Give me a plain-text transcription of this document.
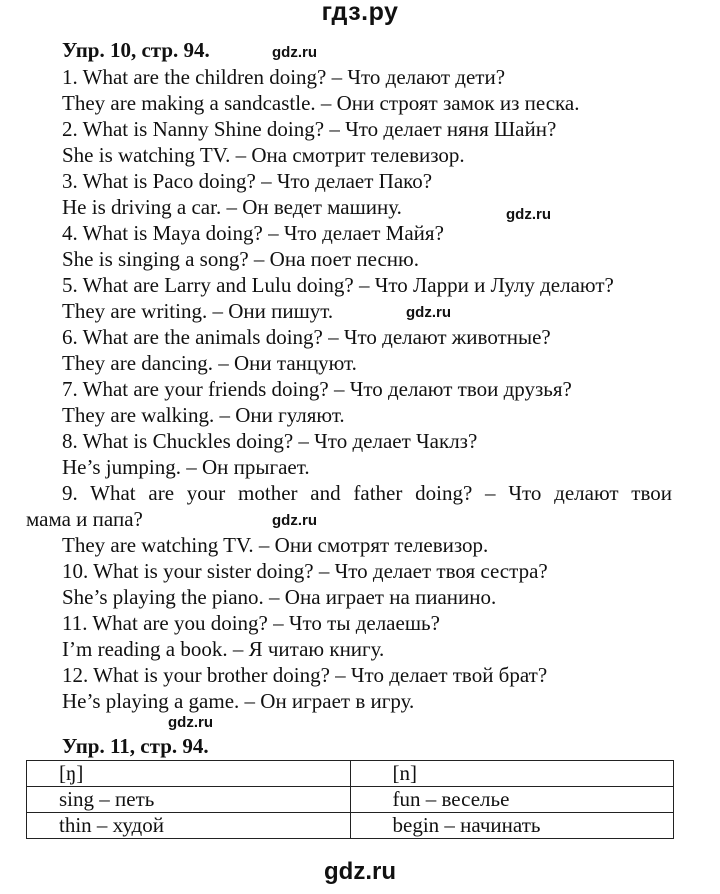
гдз.ру
Упр. 10, стр. 94.	gdz.ru
1. What are the children doing? – Что делают дети?
They are making a sandcastle. – Они строят замок из песка.
2. What is Nanny Shine doing? – Что делает няня Шайн?
She is watching TV. – Она смотрит телевизор.
3. What is Paco doing? – Что делает Пако?
He is driving a car. – Он ведет машину.	gdz.ru
4. What is Maya doing? – Что делает Майя?
She is singing a song? – Она поет песню.
5. What are Larry and Lulu doing? – Что Ларри и Лулу делают?
They are writing. – Они пишут.	gdz.ru
6. What are the animals doing? – Что делают животные?
They are dancing. – Они танцуют.
7. What are your friends doing? – Что делают твои друзья?
They are walking. – Они гуляют.
8. What is Chuckles doing? – Что делает Чаклз?
He’s jumping. – Он прыгает.
9. What are your mother and father doing? – Что делают твои
мама и папа?	gdz.ru
They are watching TV. – Они смотрят телевизор.
10. What is your sister doing? – Что делает твоя сестра?
She’s playing the piano. – Она играет на пианино.
11. What are you doing? – Что ты делаешь?
I’m reading a book. – Я читаю книгу.
12. What is your brother doing? – Что делает твой брат?
He’s playing a game. – Он играет в игру.
gdz.ru
Упр. 11, стр. 94.
[ŋ]	[n]
sing – петь	fun – веселье
thin – худой	begin – начинать
gdz.ru
